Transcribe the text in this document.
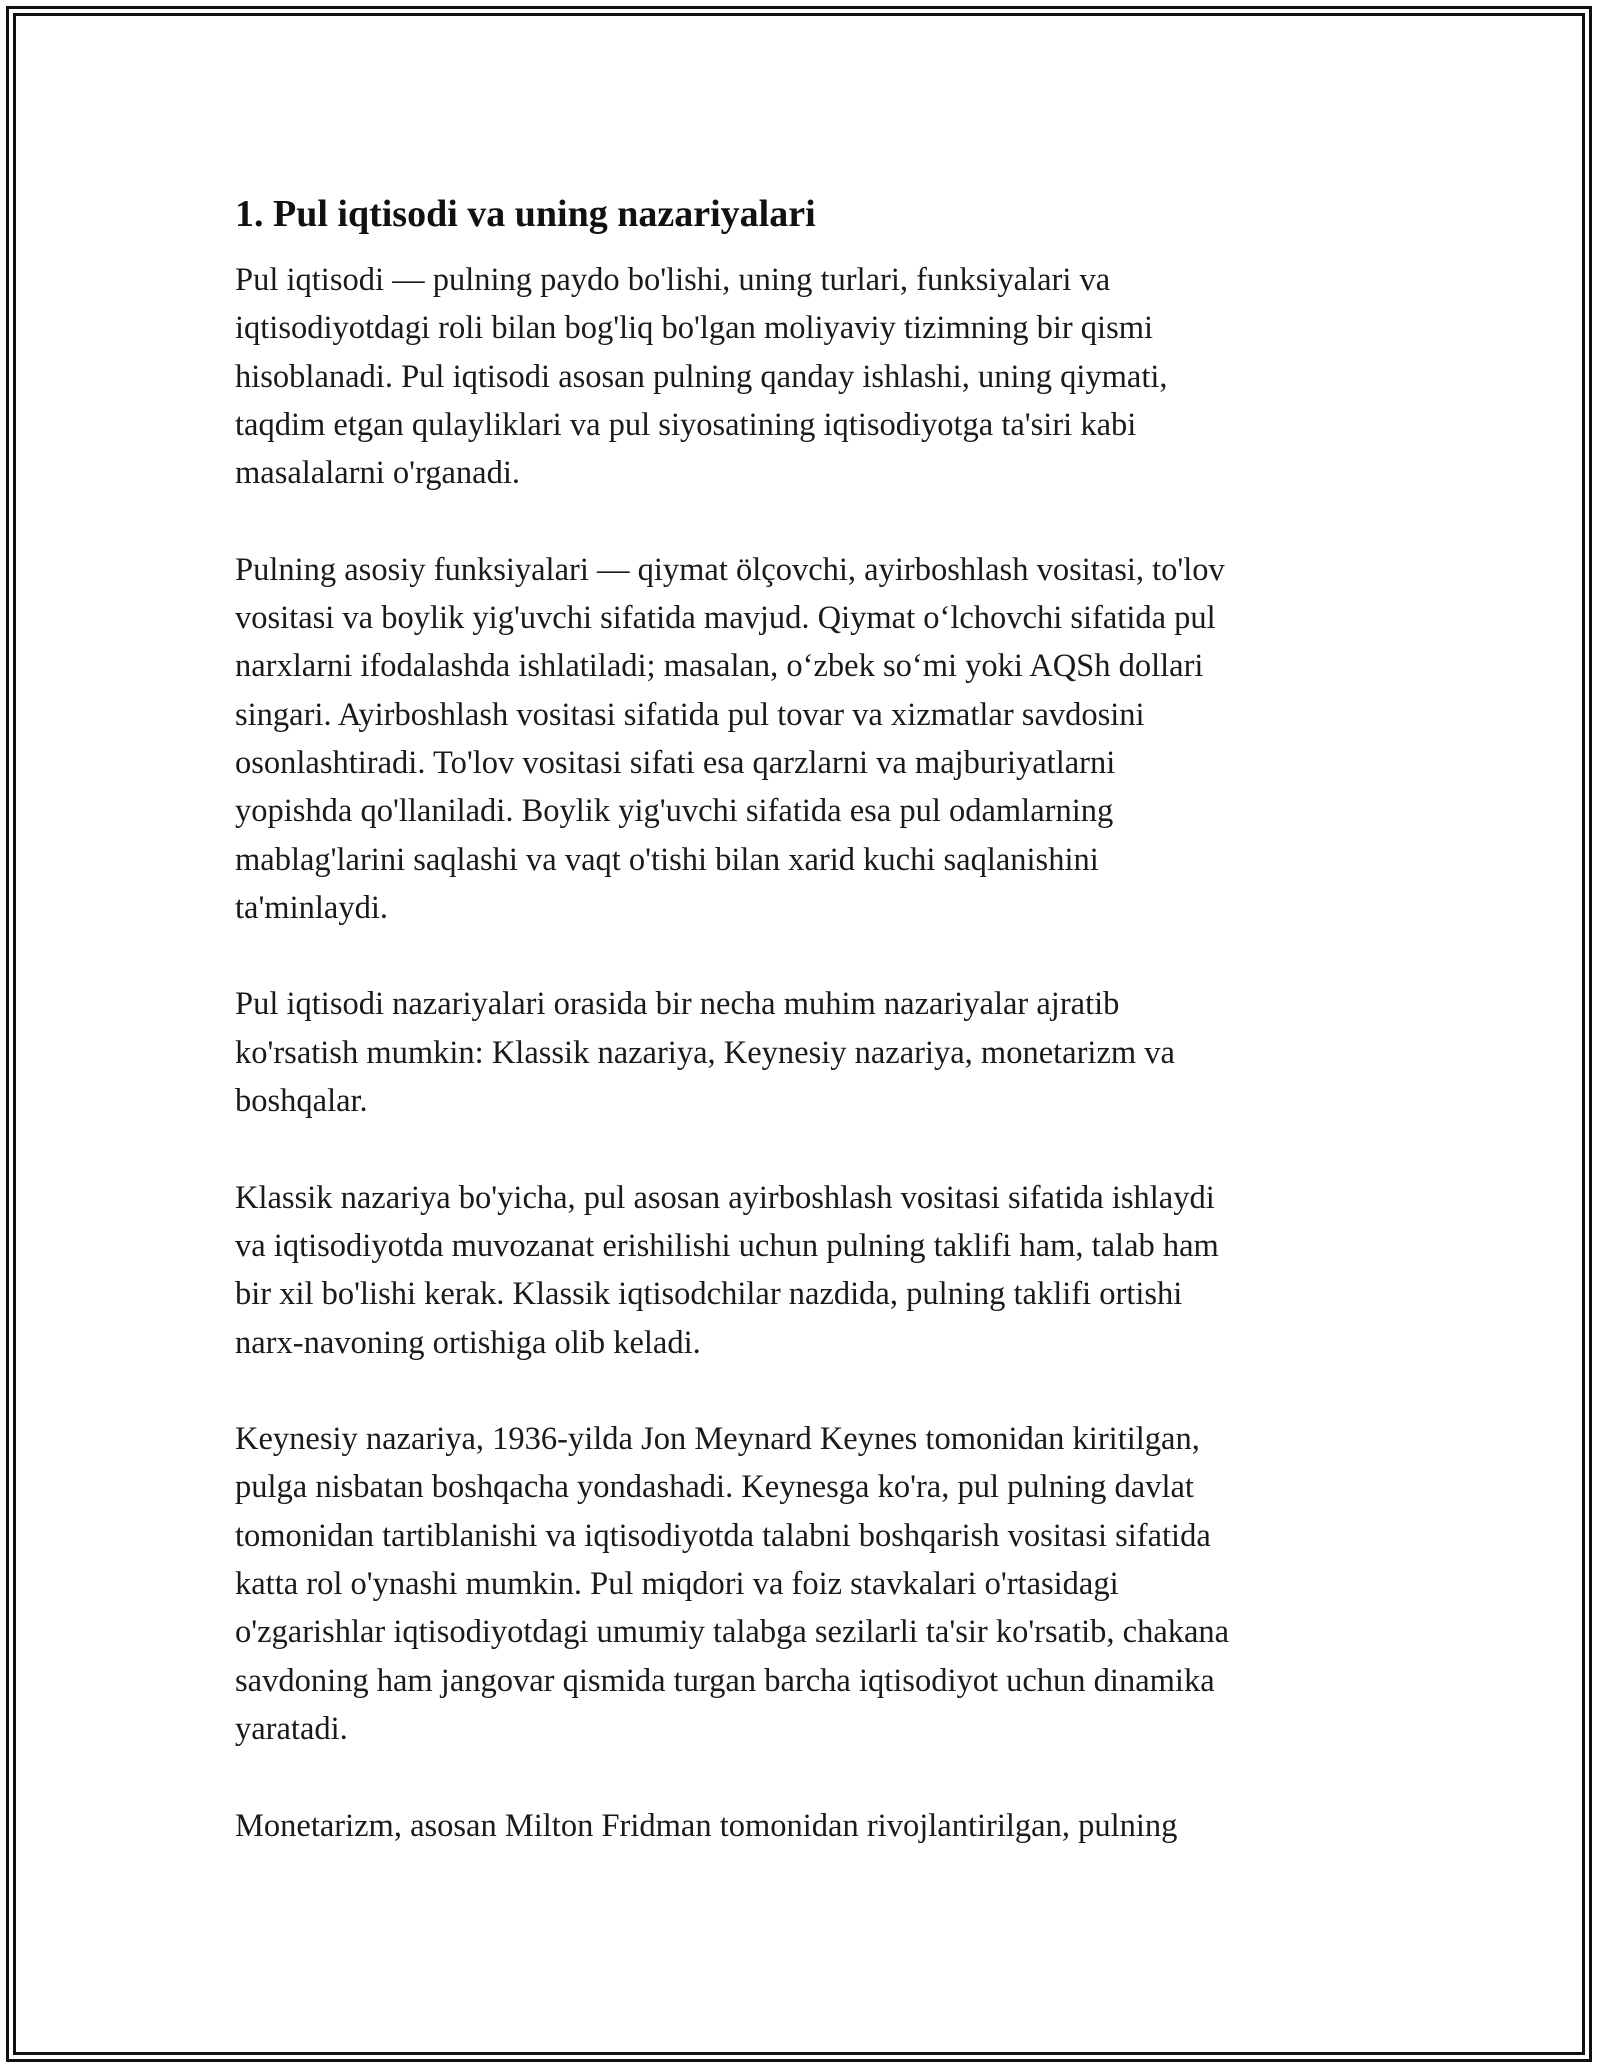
1. Pul iqtisodi va uning nazariyalari

Pul iqtisodi — pulning paydo bo'lishi, uning turlari, funksiyalari va
iqtisodiyotdagi roli bilan bog'liq bo'lgan moliyaviy tizimning bir qismi
hisoblanadi. Pul iqtisodi asosan pulning qanday ishlashi, uning qiymati,
taqdim etgan qulayliklari va pul siyosatining iqtisodiyotga ta'siri kabi
masalalarni o'rganadi.

Pulning asosiy funksiyalari — qiymat ölçovchi, ayirboshlash vositasi, to'lov
vositasi va boylik yig'uvchi sifatida mavjud. Qiymat oʻlchovchi sifatida pul
narxlarni ifodalashda ishlatiladi; masalan, oʻzbek soʻmi yoki AQSh dollari
singari. Ayirboshlash vositasi sifatida pul tovar va xizmatlar savdosini
osonlashtiradi. To'lov vositasi sifati esa qarzlarni va majburiyatlarni
yopishda qo'llaniladi. Boylik yig'uvchi sifatida esa pul odamlarning
mablag'larini saqlashi va vaqt o'tishi bilan xarid kuchi saqlanishini
ta'minlaydi.

Pul iqtisodi nazariyalari orasida bir necha muhim nazariyalar ajratib
ko'rsatish mumkin: Klassik nazariya, Keynesiy nazariya, monetarizm va
boshqalar.

Klassik nazariya bo'yicha, pul asosan ayirboshlash vositasi sifatida ishlaydi
va iqtisodiyotda muvozanat erishilishi uchun pulning taklifi ham, talab ham
bir xil bo'lishi kerak. Klassik iqtisodchilar nazdida, pulning taklifi ortishi
narx-navoning ortishiga olib keladi.

Keynesiy nazariya, 1936-yilda Jon Meynard Keynes tomonidan kiritilgan,
pulga nisbatan boshqacha yondashadi. Keynesga ko'ra, pul pulning davlat
tomonidan tartiblanishi va iqtisodiyotda talabni boshqarish vositasi sifatida
katta rol o'ynashi mumkin. Pul miqdori va foiz stavkalari o'rtasidagi
o'zgarishlar iqtisodiyotdagi umumiy talabga sezilarli ta'sir ko'rsatib, chakana
savdoning ham jangovar qismida turgan barcha iqtisodiyot uchun dinamika
yaratadi.

Monetarizm, asosan Milton Fridman tomonidan rivojlantirilgan, pulning
